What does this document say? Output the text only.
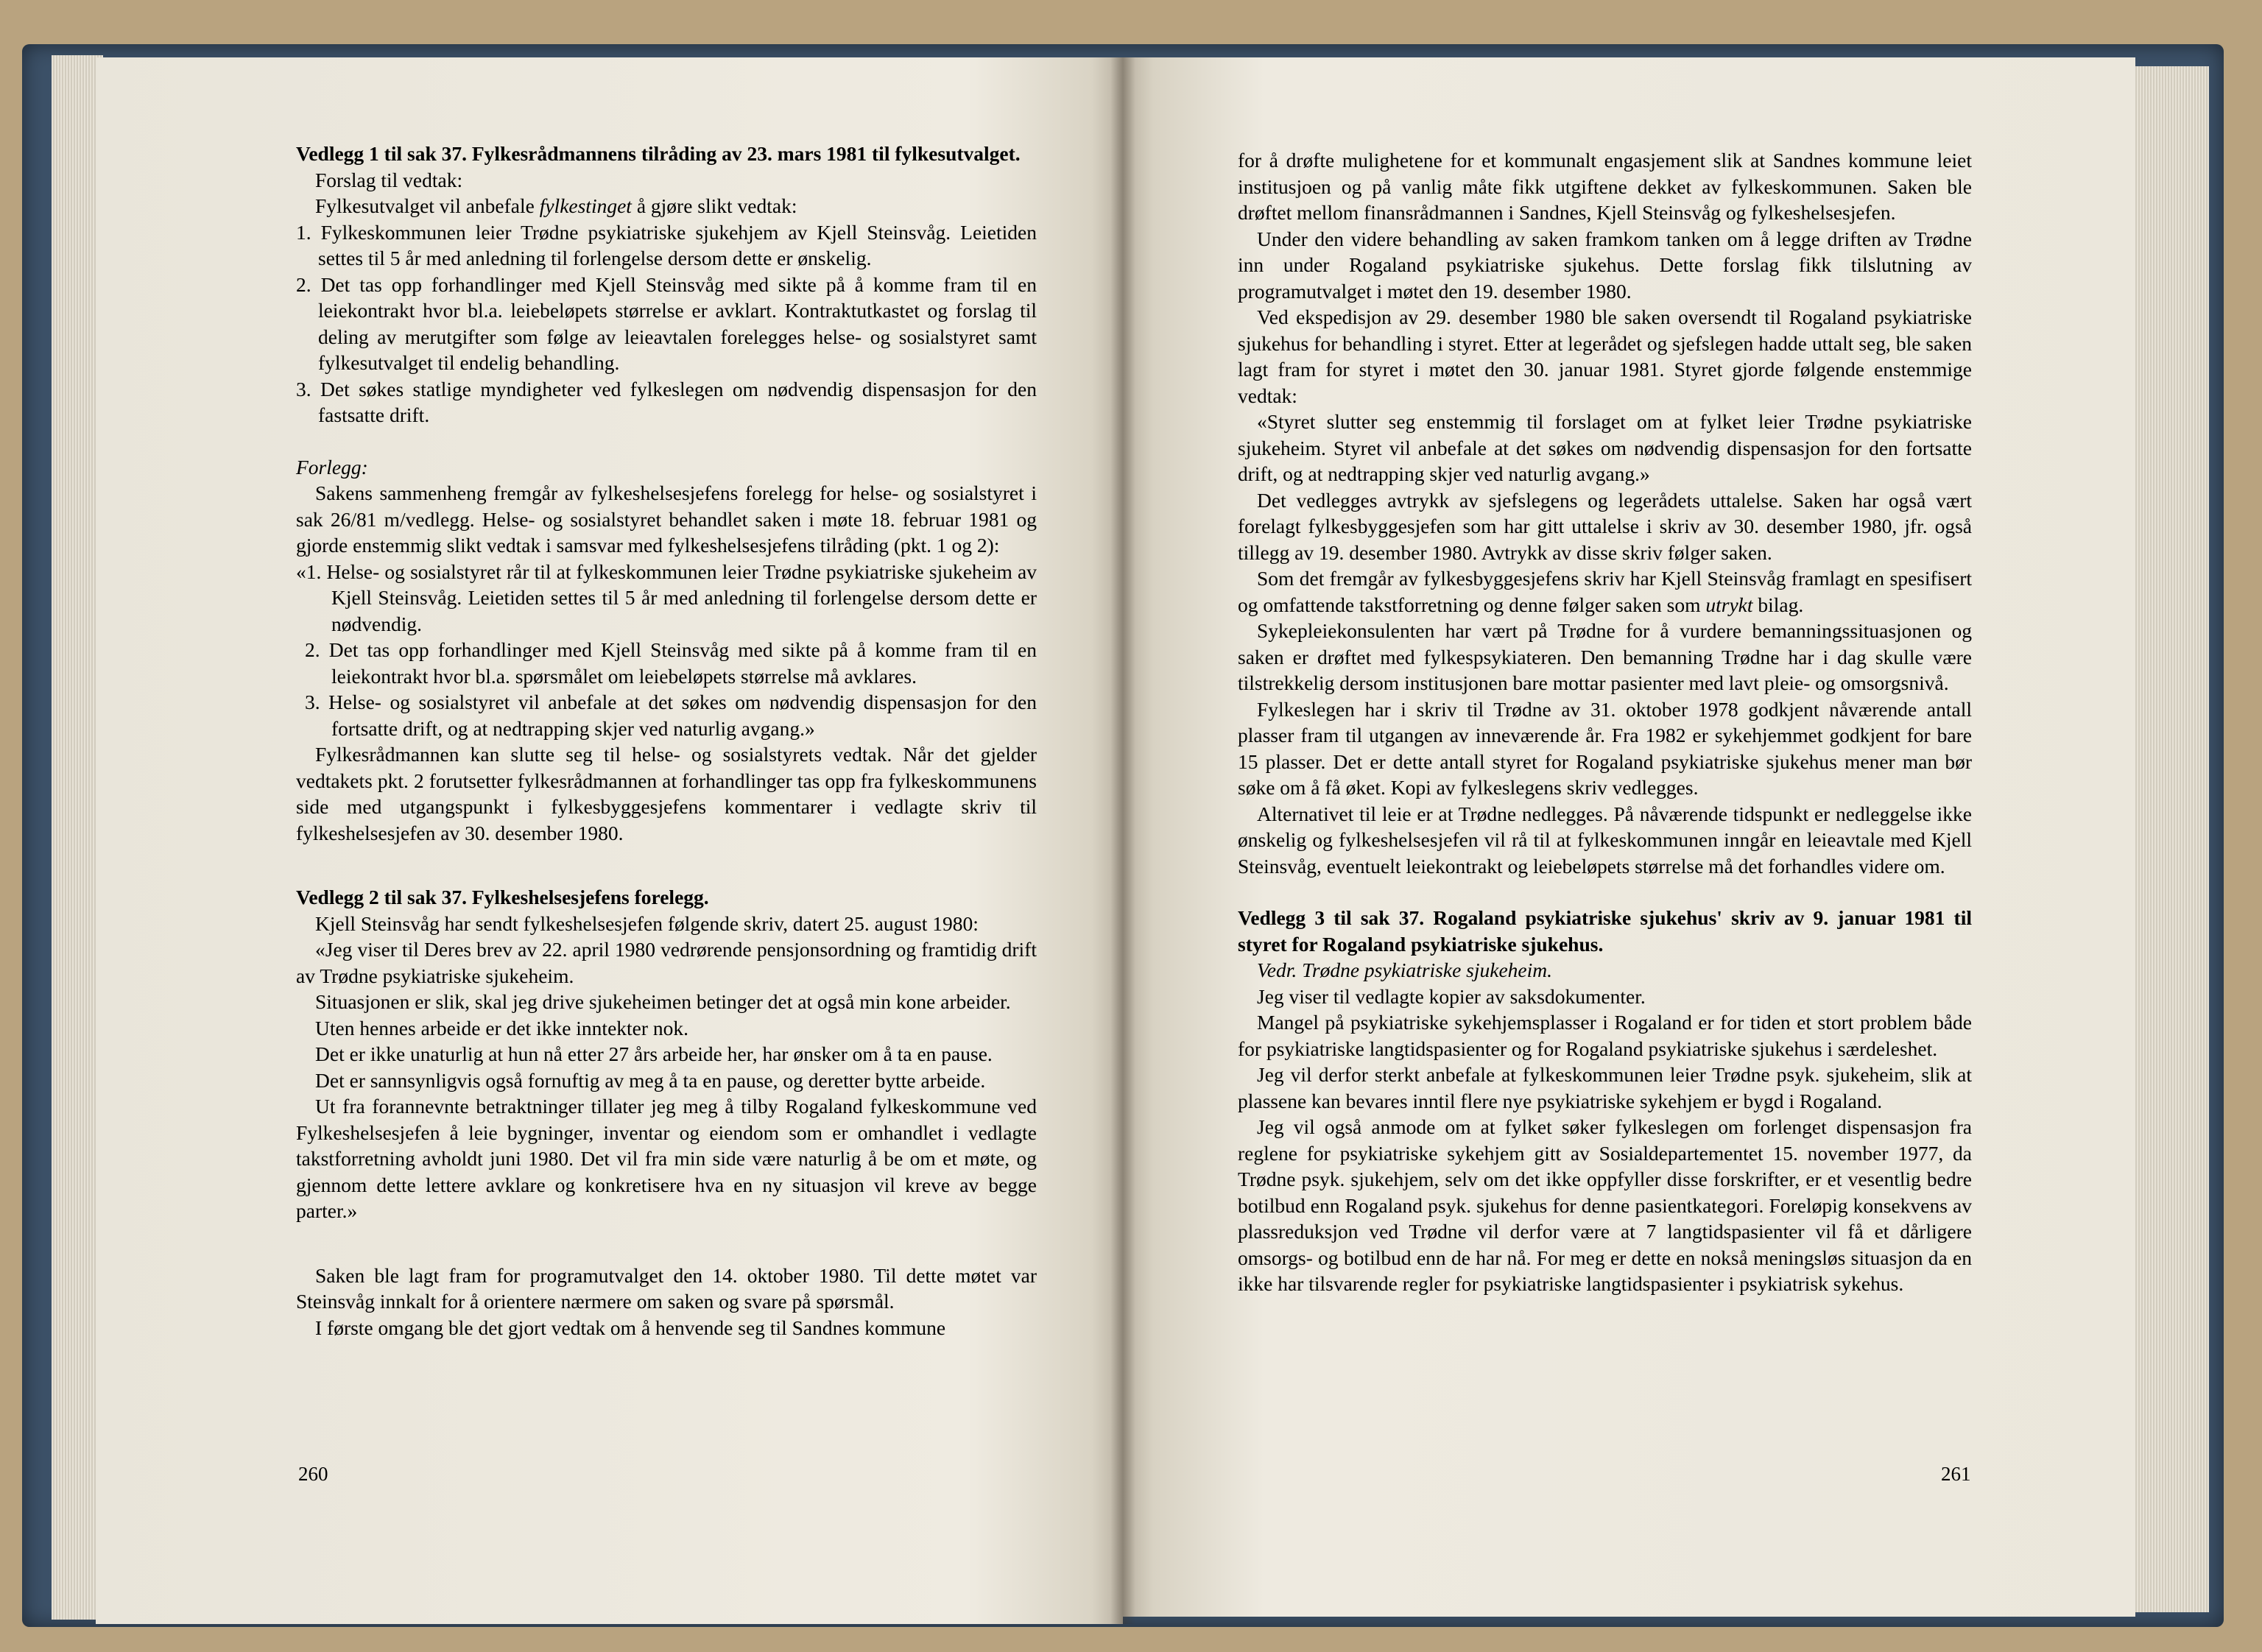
Vedlegg 1 til sak 37. Fylkesrådmannens tilråding av 23. mars 1981 til fylkesutvalget.

Forslag til vedtak:

Fylkesutvalget vil anbefale fylkestinget å gjøre slikt vedtak:

1. Fylkeskommunen leier Trødne psykiatriske sjukehjem av Kjell Steinsvåg. Leietiden settes til 5 år med anledning til forlengelse dersom dette er ønskelig.

2. Det tas opp forhandlinger med Kjell Steinsvåg med sikte på å komme fram til en leiekontrakt hvor bl.a. leiebeløpets størrelse er avklart. Kontraktutkastet og forslag til deling av merutgifter som følge av leieavtalen forelegges helse- og sosialstyret samt fylkesutvalget til endelig behandling.

3. Det søkes statlige myndigheter ved fylkeslegen om nødvendig dispensasjon for den fastsatte drift.

Forlegg:

Sakens sammenheng fremgår av fylkeshelsesjefens forelegg for helse- og sosialstyret i sak 26/81 m/vedlegg. Helse- og sosialstyret behandlet saken i møte 18. februar 1981 og gjorde enstemmig slikt vedtak i samsvar med fylkeshelsesjefens tilråding (pkt. 1 og 2):

«1. Helse- og sosialstyret rår til at fylkeskommunen leier Trødne psykiatriske sjukeheim av Kjell Steinsvåg. Leietiden settes til 5 år med anledning til forlengelse dersom dette er nødvendig.

2. Det tas opp forhandlinger med Kjell Steinsvåg med sikte på å komme fram til en leiekontrakt hvor bl.a. spørsmålet om leiebeløpets størrelse må avklares.

3. Helse- og sosialstyret vil anbefale at det søkes om nødvendig dispensasjon for den fortsatte drift, og at nedtrapping skjer ved naturlig avgang.»

Fylkesrådmannen kan slutte seg til helse- og sosialstyrets vedtak. Når det gjelder vedtakets pkt. 2 forutsetter fylkesrådmannen at forhandlinger tas opp fra fylkeskommunens side med utgangspunkt i fylkesbyggesjefens kommentarer i vedlagte skriv til fylkeshelsesjefen av 30. desember 1980.

Vedlegg 2 til sak 37. Fylkeshelsesjefens forelegg.

Kjell Steinsvåg har sendt fylkeshelsesjefen følgende skriv, datert 25. august 1980:

«Jeg viser til Deres brev av 22. april 1980 vedrørende pensjonsordning og framtidig drift av Trødne psykiatriske sjukeheim.

Situasjonen er slik, skal jeg drive sjukeheimen betinger det at også min kone arbeider.

Uten hennes arbeide er det ikke inntekter nok.

Det er ikke unaturlig at hun nå etter 27 års arbeide her, har ønsker om å ta en pause.

Det er sannsynligvis også fornuftig av meg å ta en pause, og deretter bytte arbeide.

Ut fra forannevnte betraktninger tillater jeg meg å tilby Rogaland fylkeskommune ved Fylkeshelsesjefen å leie bygninger, inventar og eiendom som er omhandlet i vedlagte takstforretning avholdt juni 1980. Det vil fra min side være naturlig å be om et møte, og gjennom dette lettere avklare og konkretisere hva en ny situasjon vil kreve av begge parter.»

Saken ble lagt fram for programutvalget den 14. oktober 1980. Til dette møtet var Steinsvåg innkalt for å orientere nærmere om saken og svare på spørsmål.

I første omgang ble det gjort vedtak om å henvende seg til Sandnes kommune

for å drøfte mulighetene for et kommunalt engasjement slik at Sandnes kommune leiet institusjoen og på vanlig måte fikk utgiftene dekket av fylkeskommunen. Saken ble drøftet mellom finansrådmannen i Sandnes, Kjell Steinsvåg og fylkeshelsesjefen.

Under den videre behandling av saken framkom tanken om å legge driften av Trødne inn under Rogaland psykiatriske sjukehus. Dette forslag fikk tilslutning av programutvalget i møtet den 19. desember 1980.

Ved ekspedisjon av 29. desember 1980 ble saken oversendt til Rogaland psykiatriske sjukehus for behandling i styret. Etter at legerådet og sjefslegen hadde uttalt seg, ble saken lagt fram for styret i møtet den 30. januar 1981. Styret gjorde følgende enstemmige vedtak:

«Styret slutter seg enstemmig til forslaget om at fylket leier Trødne psykiatriske sjukeheim. Styret vil anbefale at det søkes om nødvendig dispensasjon for den fortsatte drift, og at nedtrapping skjer ved naturlig avgang.»

Det vedlegges avtrykk av sjefslegens og legerådets uttalelse. Saken har også vært forelagt fylkesbyggesjefen som har gitt uttalelse i skriv av 30. desember 1980, jfr. også tillegg av 19. desember 1980. Avtrykk av disse skriv følger saken.

Som det fremgår av fylkesbyggesjefens skriv har Kjell Steinsvåg framlagt en spesifisert og omfattende takstforretning og denne følger saken som utrykt bilag.

Sykepleiekonsulenten har vært på Trødne for å vurdere bemanningssituasjonen og saken er drøftet med fylkespsykiateren. Den bemanning Trødne har i dag skulle være tilstrekkelig dersom institusjonen bare mottar pasienter med lavt pleie- og omsorgsnivå.

Fylkeslegen har i skriv til Trødne av 31. oktober 1978 godkjent nåværende antall plasser fram til utgangen av inneværende år. Fra 1982 er sykehjemmet godkjent for bare 15 plasser. Det er dette antall styret for Rogaland psykiatriske sjukehus mener man bør søke om å få øket. Kopi av fylkeslegens skriv vedlegges.

Alternativet til leie er at Trødne nedlegges. På nåværende tidspunkt er nedleggelse ikke ønskelig og fylkeshelsesjefen vil rå til at fylkeskommunen inngår en leieavtale med Kjell Steinsvåg, eventuelt leiekontrakt og leiebeløpets størrelse må det forhandles videre om.

Vedlegg 3 til sak 37. Rogaland psykiatriske sjukehus' skriv av 9. januar 1981 til styret for Rogaland psykiatriske sjukehus.

Vedr. Trødne psykiatriske sjukeheim.

Jeg viser til vedlagte kopier av saksdokumenter.

Mangel på psykiatriske sykehjemsplasser i Rogaland er for tiden et stort problem både for psykiatriske langtidspasienter og for Rogaland psykiatriske sjukehus i særdeleshet.

Jeg vil derfor sterkt anbefale at fylkeskommunen leier Trødne psyk. sjukeheim, slik at plassene kan bevares inntil flere nye psykiatriske sykehjem er bygd i Rogaland.

Jeg vil også anmode om at fylket søker fylkeslegen om forlenget dispensasjon fra reglene for psykiatriske sykehjem gitt av Sosialdepartementet 15. november 1977, da Trødne psyk. sjukehjem, selv om det ikke oppfyller disse forskrifter, er et vesentlig bedre botilbud enn Rogaland psyk. sjukehus for denne pasientkategori. Foreløpig konsekvens av plassreduksjon ved Trødne vil derfor være at 7 langtidspasienter vil få et dårligere omsorgs- og botilbud enn de har nå. For meg er dette en nokså meningsløs situasjon da en ikke har tilsvarende regler for psykiatriske langtidspasienter i psykiatrisk sykehus.

260	261
